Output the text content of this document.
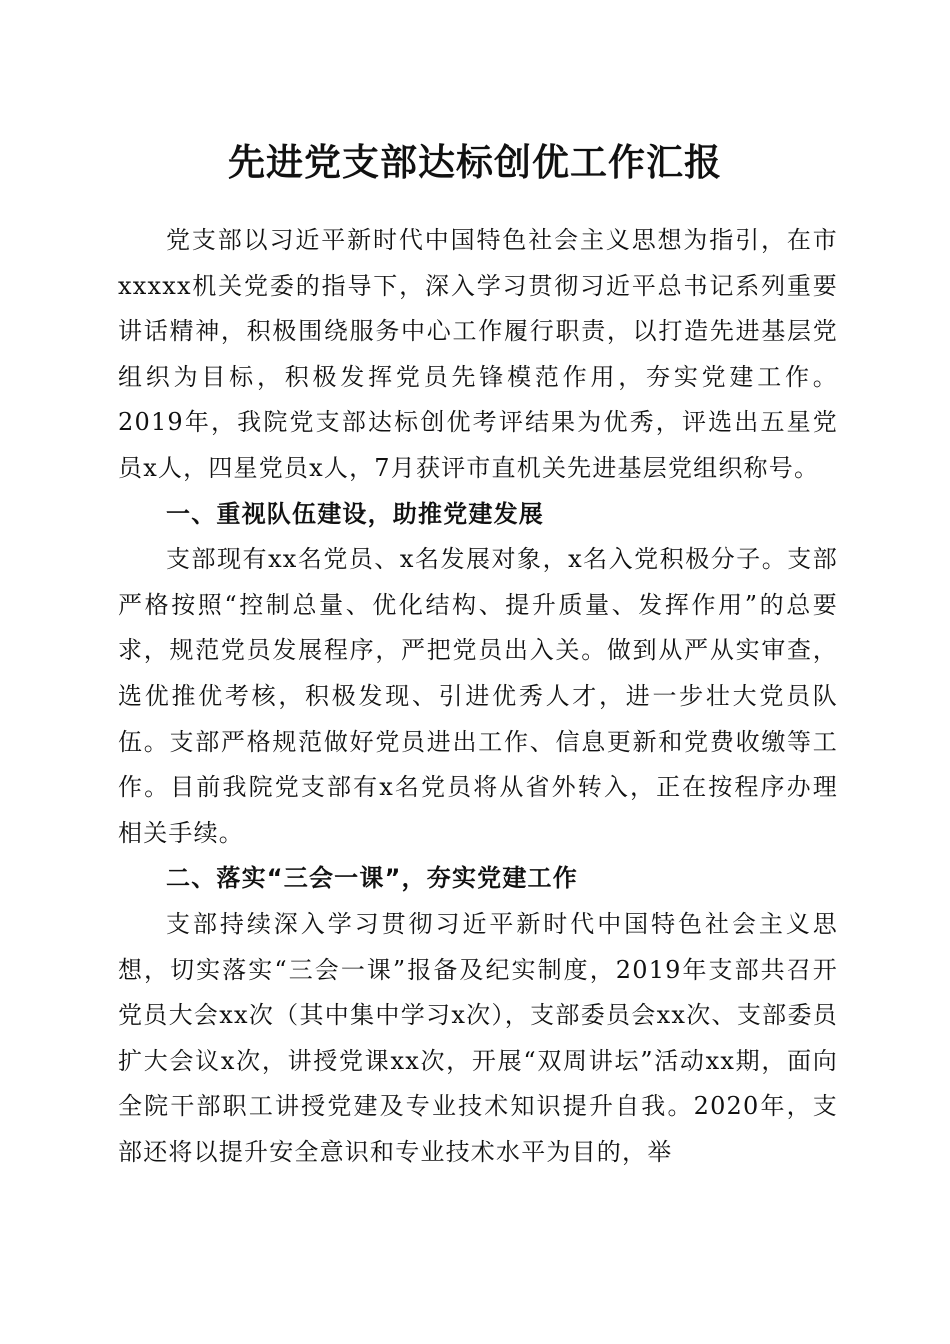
先进党支部达标创优工作汇报

党支部以习近平新时代中国特色社会主义思想为指引，在市xxxxx机关党委的指导下，深入学习贯彻习近平总书记系列重要讲话精神，积极围绕服务中心工作履行职责，以打造先进基层党组织为目标，积极发挥党员先锋模范作用，夯实党建工作。2019年，我院党支部达标创优考评结果为优秀，评选出五星党员x人，四星党员x人，7月获评市直机关先进基层党组织称号。

一、重视队伍建设，助推党建发展

支部现有xx名党员、x名发展对象，x名入党积极分子。支部严格按照“控制总量、优化结构、提升质量、发挥作用”的总要求，规范党员发展程序，严把党员出入关。做到从严从实审查，选优推优考核，积极发现、引进优秀人才，进一步壮大党员队伍。支部严格规范做好党员进出工作、信息更新和党费收缴等工作。目前我院党支部有x名党员将从省外转入，正在按程序办理相关手续。

二、落实“三会一课”，夯实党建工作

支部持续深入学习贯彻习近平新时代中国特色社会主义思想，切实落实“三会一课”报备及纪实制度，2019年支部共召开党员大会xx次（其中集中学习x次），支部委员会xx次、支部委员扩大会议x次，讲授党课xx次，开展“双周讲坛”活动xx期，面向全院干部职工讲授党建及专业技术知识提升自我。2020年，支部还将以提升安全意识和专业技术水平为目的，举
